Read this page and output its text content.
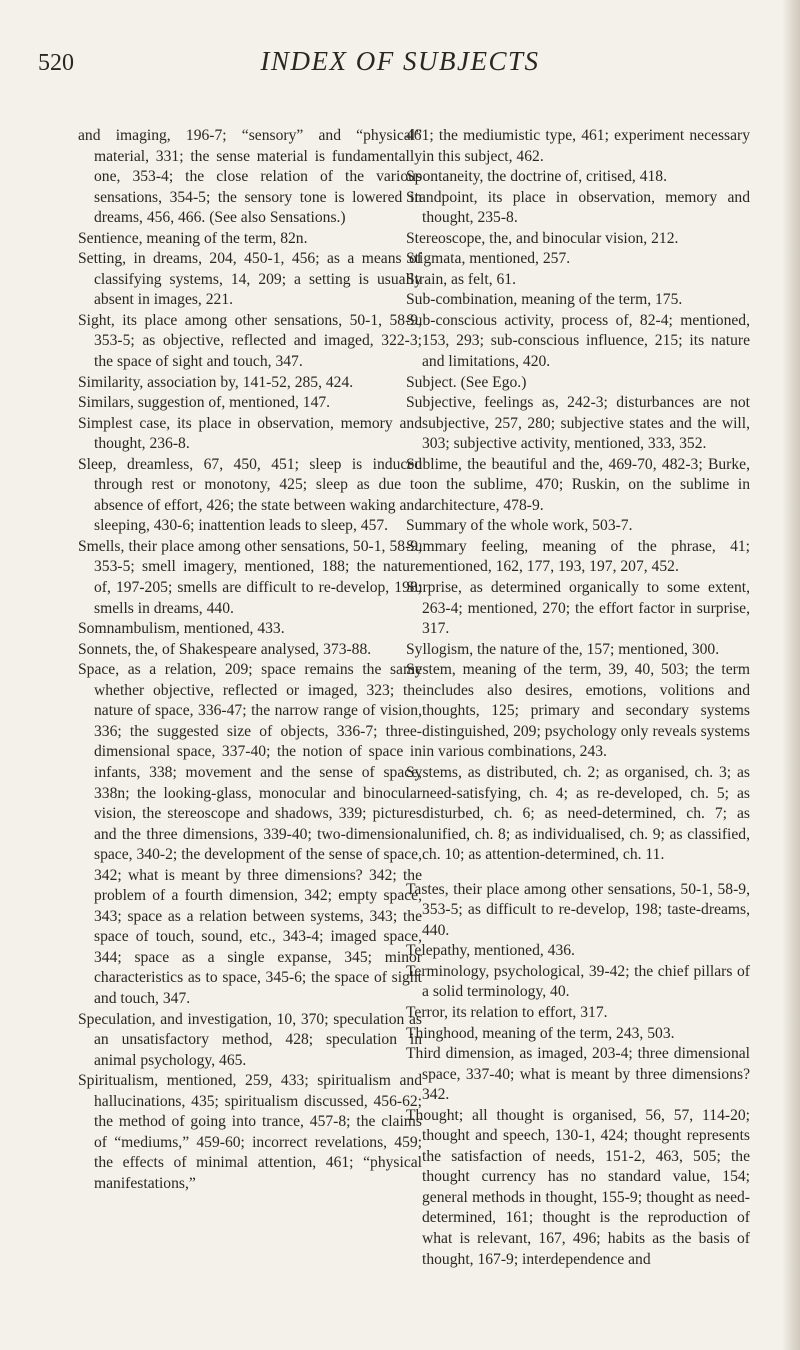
520	INDEX OF SUBJECTS

and imaging, 196-7; “sensory” and “physical” material, 331; the sense material is fundamentally one, 353-4; the close relation of the various sensations, 354-5; the sensory tone is lowered in dreams, 456, 466. (See also Sensations.)

Sentience, meaning of the term, 82n.

Setting, in dreams, 204, 450-1, 456; as a means of classifying systems, 14, 209; a setting is usually absent in images, 221.

Sight, its place among other sensations, 50-1, 58-9, 353-5; as objective, reflected and imaged, 322-3; the space of sight and touch, 347.

Similarity, association by, 141-52, 285, 424.

Similars, suggestion of, mentioned, 147.

Simplest case, its place in observation, memory and thought, 236-8.

Sleep, dreamless, 67, 450, 451; sleep is induced through rest or monotony, 425; sleep as due to absence of effort, 426; the state between waking and sleeping, 430-6; inattention leads to sleep, 457.

Smells, their place among other sensations, 50-1, 58-9, 353-5; smell imagery, mentioned, 188; the nature of, 197-205; smells are difficult to re-develop, 198; smells in dreams, 440.

Somnambulism, mentioned, 433.

Sonnets, the, of Shakespeare analysed, 373-88.

Space, as a relation, 209; space remains the same whether objective, reflected or imaged, 323; the nature of space, 336-47; the narrow range of vision, 336; the suggested size of objects, 336-7; three-dimensional space, 337-40; the notion of space in infants, 338; movement and the sense of space, 338n; the looking-glass, monocular and binocular vision, the stereoscope and shadows, 339; pictures and the three dimensions, 339-40; two-dimensional space, 340-2; the development of the sense of space, 342; what is meant by three dimensions? 342; the problem of a fourth dimension, 342; empty space, 343; space as a relation between systems, 343; the space of touch, sound, etc., 343-4; imaged space, 344; space as a single expanse, 345; minor characteristics as to space, 345-6; the space of sight and touch, 347.

Speculation, and investigation, 10, 370; speculation as an unsatisfactory method, 428; speculation in animal psychology, 465.

Spiritualism, mentioned, 259, 433; spiritualism and hallucinations, 435; spiritualism discussed, 456-62; the method of going into trance, 457-8; the claims of “mediums,” 459-60; incorrect revelations, 459; the effects of minimal attention, 461; “physical manifestations,”

461; the mediumistic type, 461; experiment necessary in this subject, 462.

Spontaneity, the doctrine of, critised, 418.

Standpoint, its place in observation, memory and thought, 235-8.

Stereoscope, the, and binocular vision, 212.

Stigmata, mentioned, 257.

Strain, as felt, 61.

Sub-combination, meaning of the term, 175.

Sub-conscious activity, process of, 82-4; mentioned, 153, 293; sub-conscious influence, 215; its nature and limitations, 420.

Subject. (See Ego.)

Subjective, feelings as, 242-3; disturbances are not subjective, 257, 280; subjective states and the will, 303; subjective activity, mentioned, 333, 352.

Sublime, the beautiful and the, 469-70, 482-3; Burke, on the sublime, 470; Ruskin, on the sublime in architecture, 478-9.

Summary of the whole work, 503-7.

Summary feeling, meaning of the phrase, 41; mentioned, 162, 177, 193, 197, 207, 452.

Surprise, as determined organically to some extent, 263-4; mentioned, 270; the effort factor in surprise, 317.

Syllogism, the nature of the, 157; mentioned, 300.

System, meaning of the term, 39, 40, 503; the term includes also desires, emotions, volitions and thoughts, 125; primary and secondary systems distinguished, 209; psychology only reveals systems in various combinations, 243.

Systems, as distributed, ch. 2; as organised, ch. 3; as need-satisfying, ch. 4; as re-developed, ch. 5; as disturbed, ch. 6; as need-determined, ch. 7; as unified, ch. 8; as individualised, ch. 9; as classified, ch. 10; as attention-determined, ch. 11.

Tastes, their place among other sensations, 50-1, 58-9, 353-5; as difficult to re-develop, 198; taste-dreams, 440.

Telepathy, mentioned, 436.

Terminology, psychological, 39-42; the chief pillars of a solid terminology, 40.

Terror, its relation to effort, 317.

Thinghood, meaning of the term, 243, 503.

Third dimension, as imaged, 203-4; three dimensional space, 337-40; what is meant by three dimensions? 342.

Thought; all thought is organised, 56, 57, 114-20; thought and speech, 130-1, 424; thought represents the satisfaction of needs, 151-2, 463, 505; the thought currency has no standard value, 154; general methods in thought, 155-9; thought as need-determined, 161; thought is the reproduction of what is relevant, 167, 496; habits as the basis of thought, 167-9; interdependence and
